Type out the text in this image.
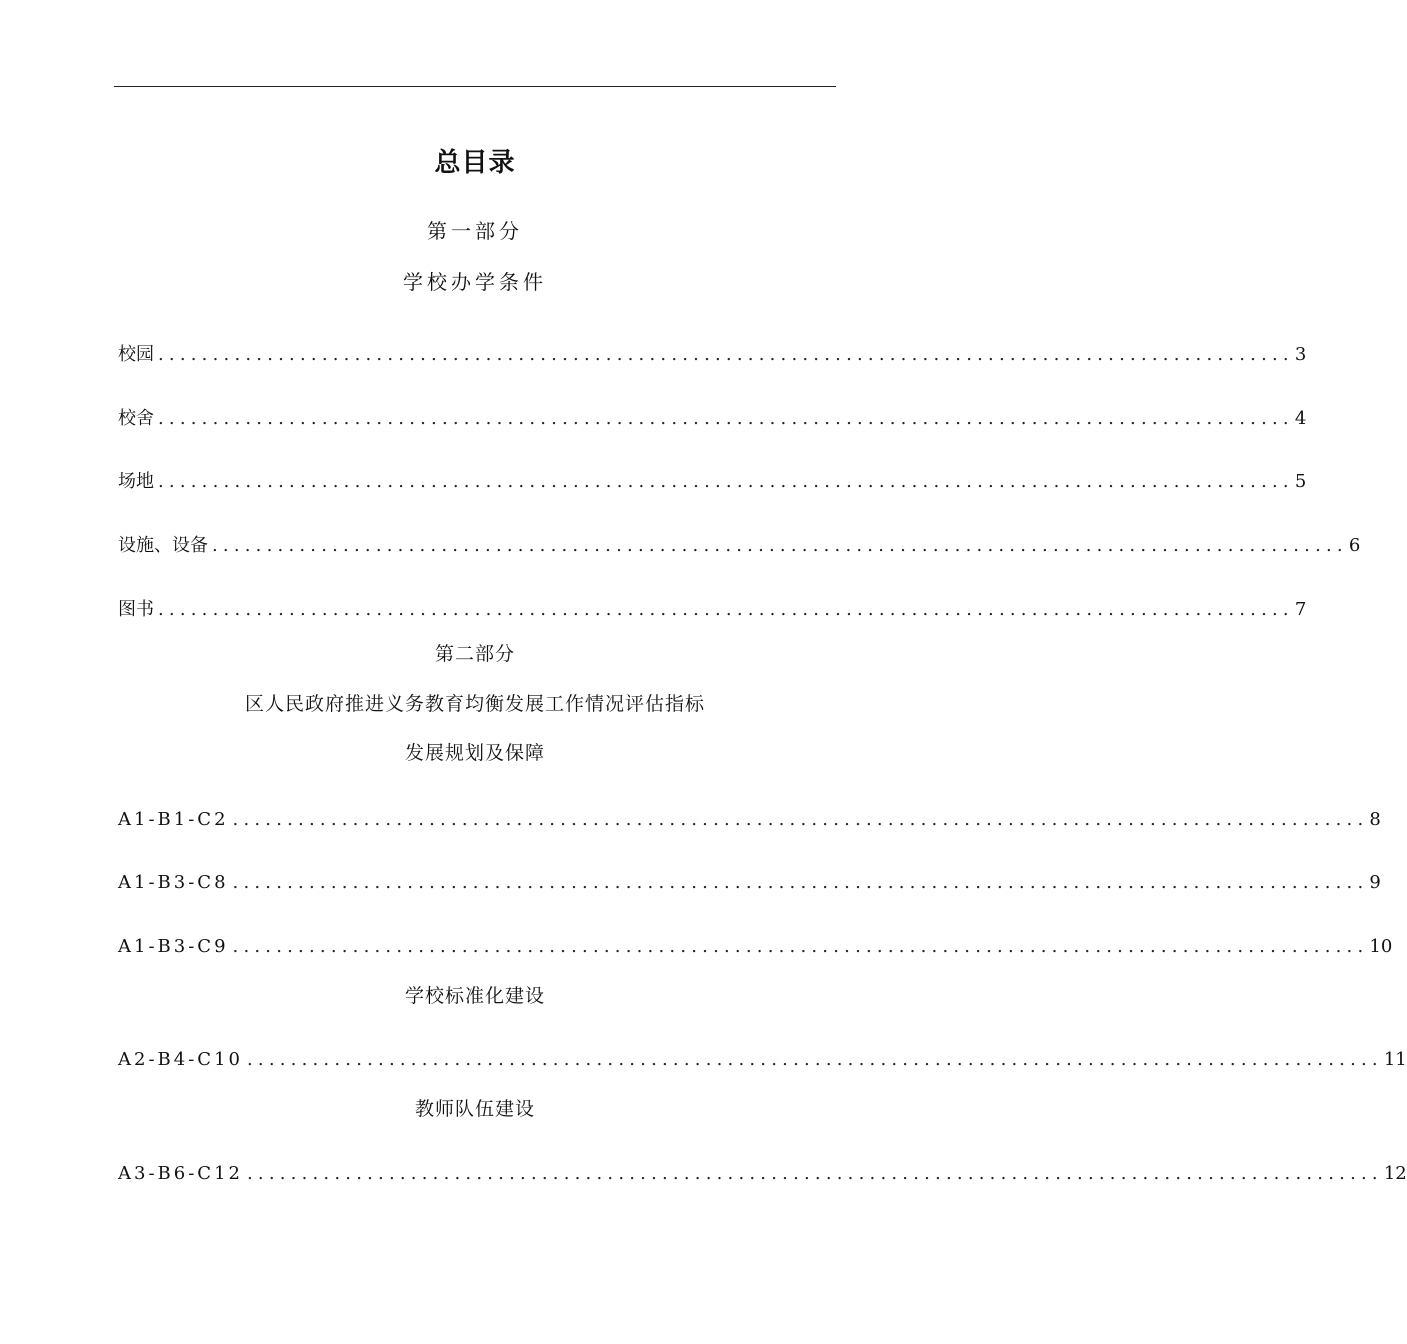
总目录
第一部分
学校办学条件
校园 ........................................................................................................ 3
校舍 ........................................................................................................ 4
场地 ........................................................................................................ 5
设施、设备 ........................................................................................................ 6
图书 ........................................................................................................ 7
第二部分
区人民政府推进义务教育均衡发展工作情况评估指标
发展规划及保障
A1-B1-C2 ........................................................................................................ 8
A1-B3-C8 ........................................................................................................ 9
A1-B3-C9 ........................................................................................................ 10
学校标准化建设
A2-B4-C10 ........................................................................................................ 11
教师队伍建设
A3-B6-C12 ........................................................................................................ 12
